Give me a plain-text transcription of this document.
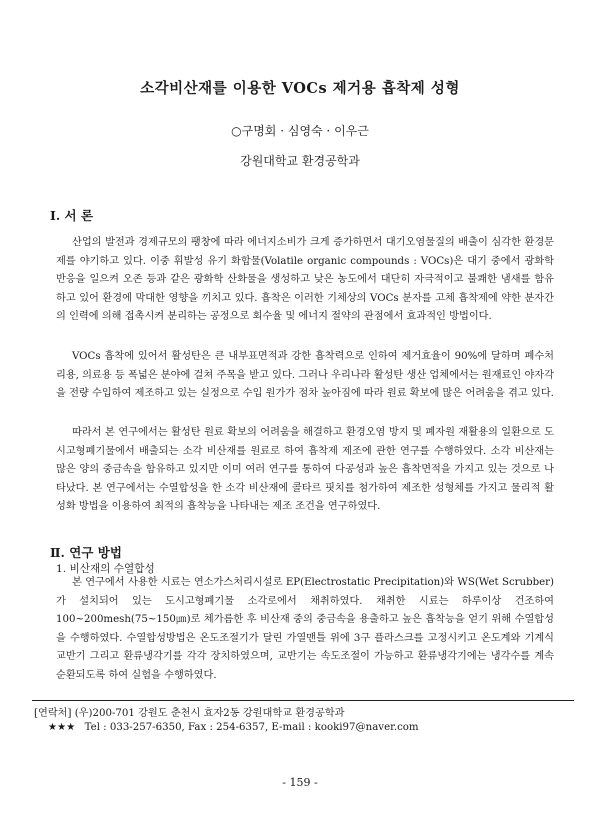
소각비산재를 이용한 VOCs 제거용 흡착제 성형
○구명회 · 심영숙 · 이우근
강원대학교 환경공학과
Ⅰ. 서 론

산업의 발전과 경제규모의 팽창에 따라 에너지소비가 크게 증가하면서 대기오염물질의 배출이 심각한 환경문제를 야기하고 있다. 이중 휘발성 유기 화합물(Volatile organic compounds : VOCs)은 대기 중에서 광화학 반응을 일으켜 오존 등과 같은 광화학 산화물을 생성하고 낮은 농도에서 대단히 자극적이고 불쾌한 냄새를 함유하고 있어 환경에 막대한 영향을 끼치고 있다. 흡착은 이러한 기체상의 VOCs 분자를 고체 흡착제에 약한 분자간의 인력에 의해 접촉시켜 분리하는 공정으로 회수율 및 에너지 절약의 관점에서 효과적인 방법이다.

VOCs 흡착에 있어서 활성탄은 큰 내부표면적과 강한 흡착력으로 인하여 제거효율이 90%에 달하며 폐수처리용, 의료용 등 폭넓은 분야에 걸쳐 주목을 받고 있다. 그러나 우리나라 활성탄 생산 업체에서는 원재료인 야자각을 전량 수입하여 제조하고 있는 실정으로 수입 원가가 점차 높아짐에 따라 원료 확보에 많은 어려움을 겪고 있다.

따라서 본 연구에서는 활성탄 원료 확보의 어려움을 해결하고 환경오염 방지 및 폐자원 재활용의 일환으로 도시고형폐기물에서 배출되는 소각 비산재를 원료로 하여 흡착제 제조에 관한 연구를 수행하였다. 소각 비산재는 많은 양의 중금속을 함유하고 있지만 이미 여러 연구를 통하여 다공성과 높은 흡착면적을 가지고 있는 것으로 나타났다. 본 연구에서는 수열합성을 한 소각 비산재에 콜타르 핏치를 첨가하여 제조한 성형체를 가지고 물리적 활성화 방법을 이용하여 최적의 흡착능을 나타내는 제조 조건을 연구하였다.

Ⅱ. 연구 방법
1. 비산재의 수열합성

본 연구에서 사용한 시료는 연소가스처리시설로 EP(Electrostatic Precipitation)와 WS(Wet Scrubber)가 설치되어 있는 도시고형폐기물 소각로에서 채취하였다. 채취한 시료는 하루이상 건조하여 100~200mesh(75~150㎛)로 체가름한 후 비산재 중의 중금속을 용출하고 높은 흡착능을 얻기 위해 수열합성을 수행하였다. 수열합성방법은 온도조절기가 달린 가열맨틀 위에 3구 플라스크를 고정시키고 온도계와 기계식 교반기 그리고 환류냉각기를 각각 장치하였으며, 교반기는 속도조절이 가능하고 환류냉각기에는 냉각수를 계속 순환되도록 하여 실험을 수행하였다.

[연락처] (우)200-701 강원도 춘천시 효자2동 강원대학교 환경공학과
★★★ Tel : 033-257-6350, Fax : 254-6357, E-mail : kooki97@naver.com
- 159 -
